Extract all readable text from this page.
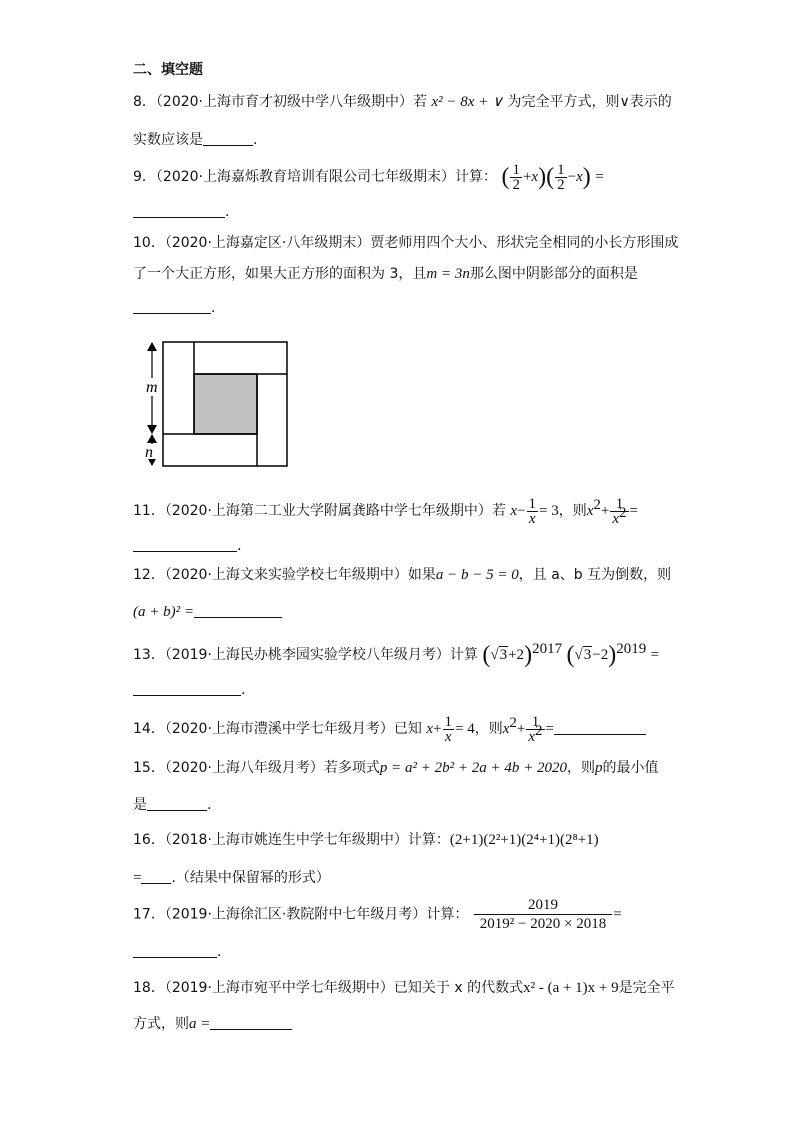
二、填空题
8．（2020·上海市育才初级中学八年级期中）若 x² − 8x + ∨ 为完全平方式，则∨表示的
实数应该是	.
9．（2020·上海嘉烁教育培训有限公司七年级期末）计算： ( $\frac{1}{2} +x)( \frac{1}{2} -x)$ =
.
10．（2020·上海嘉定区·八年级期末）贾老师用四个大小、形状完全相同的小长方形围成
了一个大正方形，如果大正方形的面积为 3，且m = 3n那么图中阴影部分的面积是
.
m
n
11．（2020·上海第二工业大学附属龚路中学七年级期中）若 $x- \frac{1}{x} = 3$，则$x^2+ \frac{1}{x^2}$ =
.
12．（2020·上海文来实验学校七年级期中）如果a − b − 5 = 0，且 a、b 互为倒数，则
(a + b)² =
13．（2019·上海民办桃李园实验学校八年级月考）计算 $(√3+2)^{2017}$ $(√3-2)^{2019}$ =
.
14．（2020·上海市澧溪中学七年级月考）已知 $x+ \frac{1}{x} = 4$，则$x^2+ \frac{1}{x^2}$ =
15．（2020·上海八年级月考）若多项式p = a² + 2b² + 2a + 4b + 2020，则p的最小值
是	.
16．（2018·上海市姚连生中学七年级期中）计算：(2+1)(2²+1)(2⁴+1)(2⁸+1)
= .（结果中保留幂的形式）
17．（2019·上海徐汇区·教院附中七年级月考）计算： $\frac{2019}{\text{2019² − 2020 × 2018}}$ =
.
18．（2019·上海市宛平中学七年级期中）已知关于 x 的代数式x² - (a + 1)x + 9是完全平
方式，则a =
